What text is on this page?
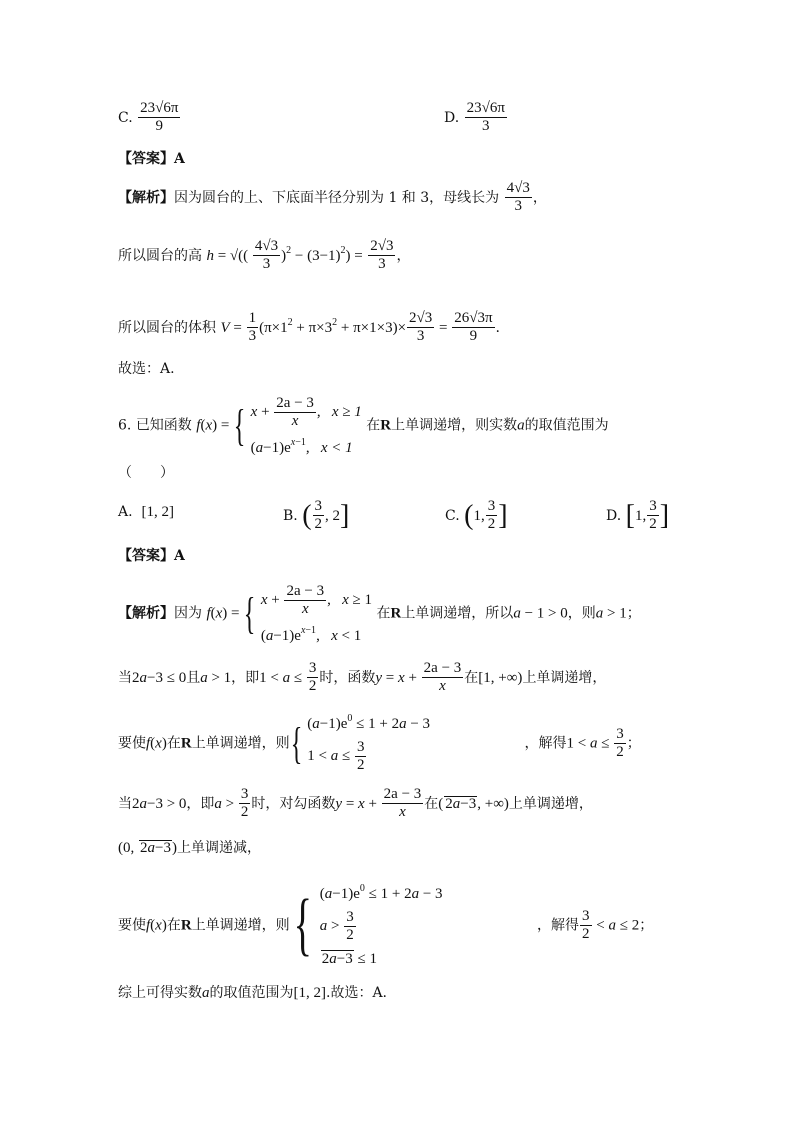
C. $\frac{23√6\pi}{9}$	D. $\frac{23√6\pi}{3}$
【答案】A
【解析】因为圆台的上、下底面半径分别为 1 和 3，母线长为 $\frac{4√3}{3}$ ，
所以圆台的高 h = √(( $\frac{4√3}{3} )^2 - (3-1)^2) = \frac{2√3}{3}$ ，
所以圆台的体积 $V = \frac{1}{3} (\pi\times 1^2 + \pi\times 3^2 + \pi\times 1\times 3)\times \frac{2√3}{3} = \frac{26√3\pi}{9}$ .
故选：A.
6. 已知函数 f(x) = { $x + \frac{2a - 3}{x}$ ,   x ≥ 1
$(a-1)e^{x-1}$,   x < 1
在R上单调递增，则实数a的取值范围为
（　　）
A. [1, 2]	B. ( $\frac{3}{2}$ , 2]	C. (1, $\frac{3}{2}$ ]	D. [1, $\frac{3}{2}$ ]
【答案】A
【解析】因为 f(x) = { $x + \frac{2a - 3}{x}$ ,   x ≥ 1
$(a-1)e^{x-1}$,   x < 1
在R上单调递增，所以a − 1 > 0，则a > 1；
当2a−3 ≤ 0且a > 1，即$1 < a \le \frac{3}{2}$ 时，函数$y = x + \frac{2a - 3}{x}$ 在[1, +∞)上单调递增，
要使f(x)在R上单调递增，则{ $(a-1)e^0 \le 1 + 2a - 3$
$1 < a \le \frac{3}{2}$	，解得$1 < a \le \frac{3}{2}$ ；
当2a−3 > 0，即$a > \frac{3}{2}$ 时，对勾函数$y = x + \frac{2a - 3}{x}$ 在( 2a−3, +∞)上单调递增，
(0, 2a−3)上单调递减，
要使f(x)在R上单调递增，则{ $(a-1)e^0 \le 1 + 2a - 3$
$a > \frac{3}{2}$
2a−3 ≤ 1
，解得 $\frac{3}{2} < a \le 2$；
综上可得实数a的取值范围为[1, 2].故选：A.
